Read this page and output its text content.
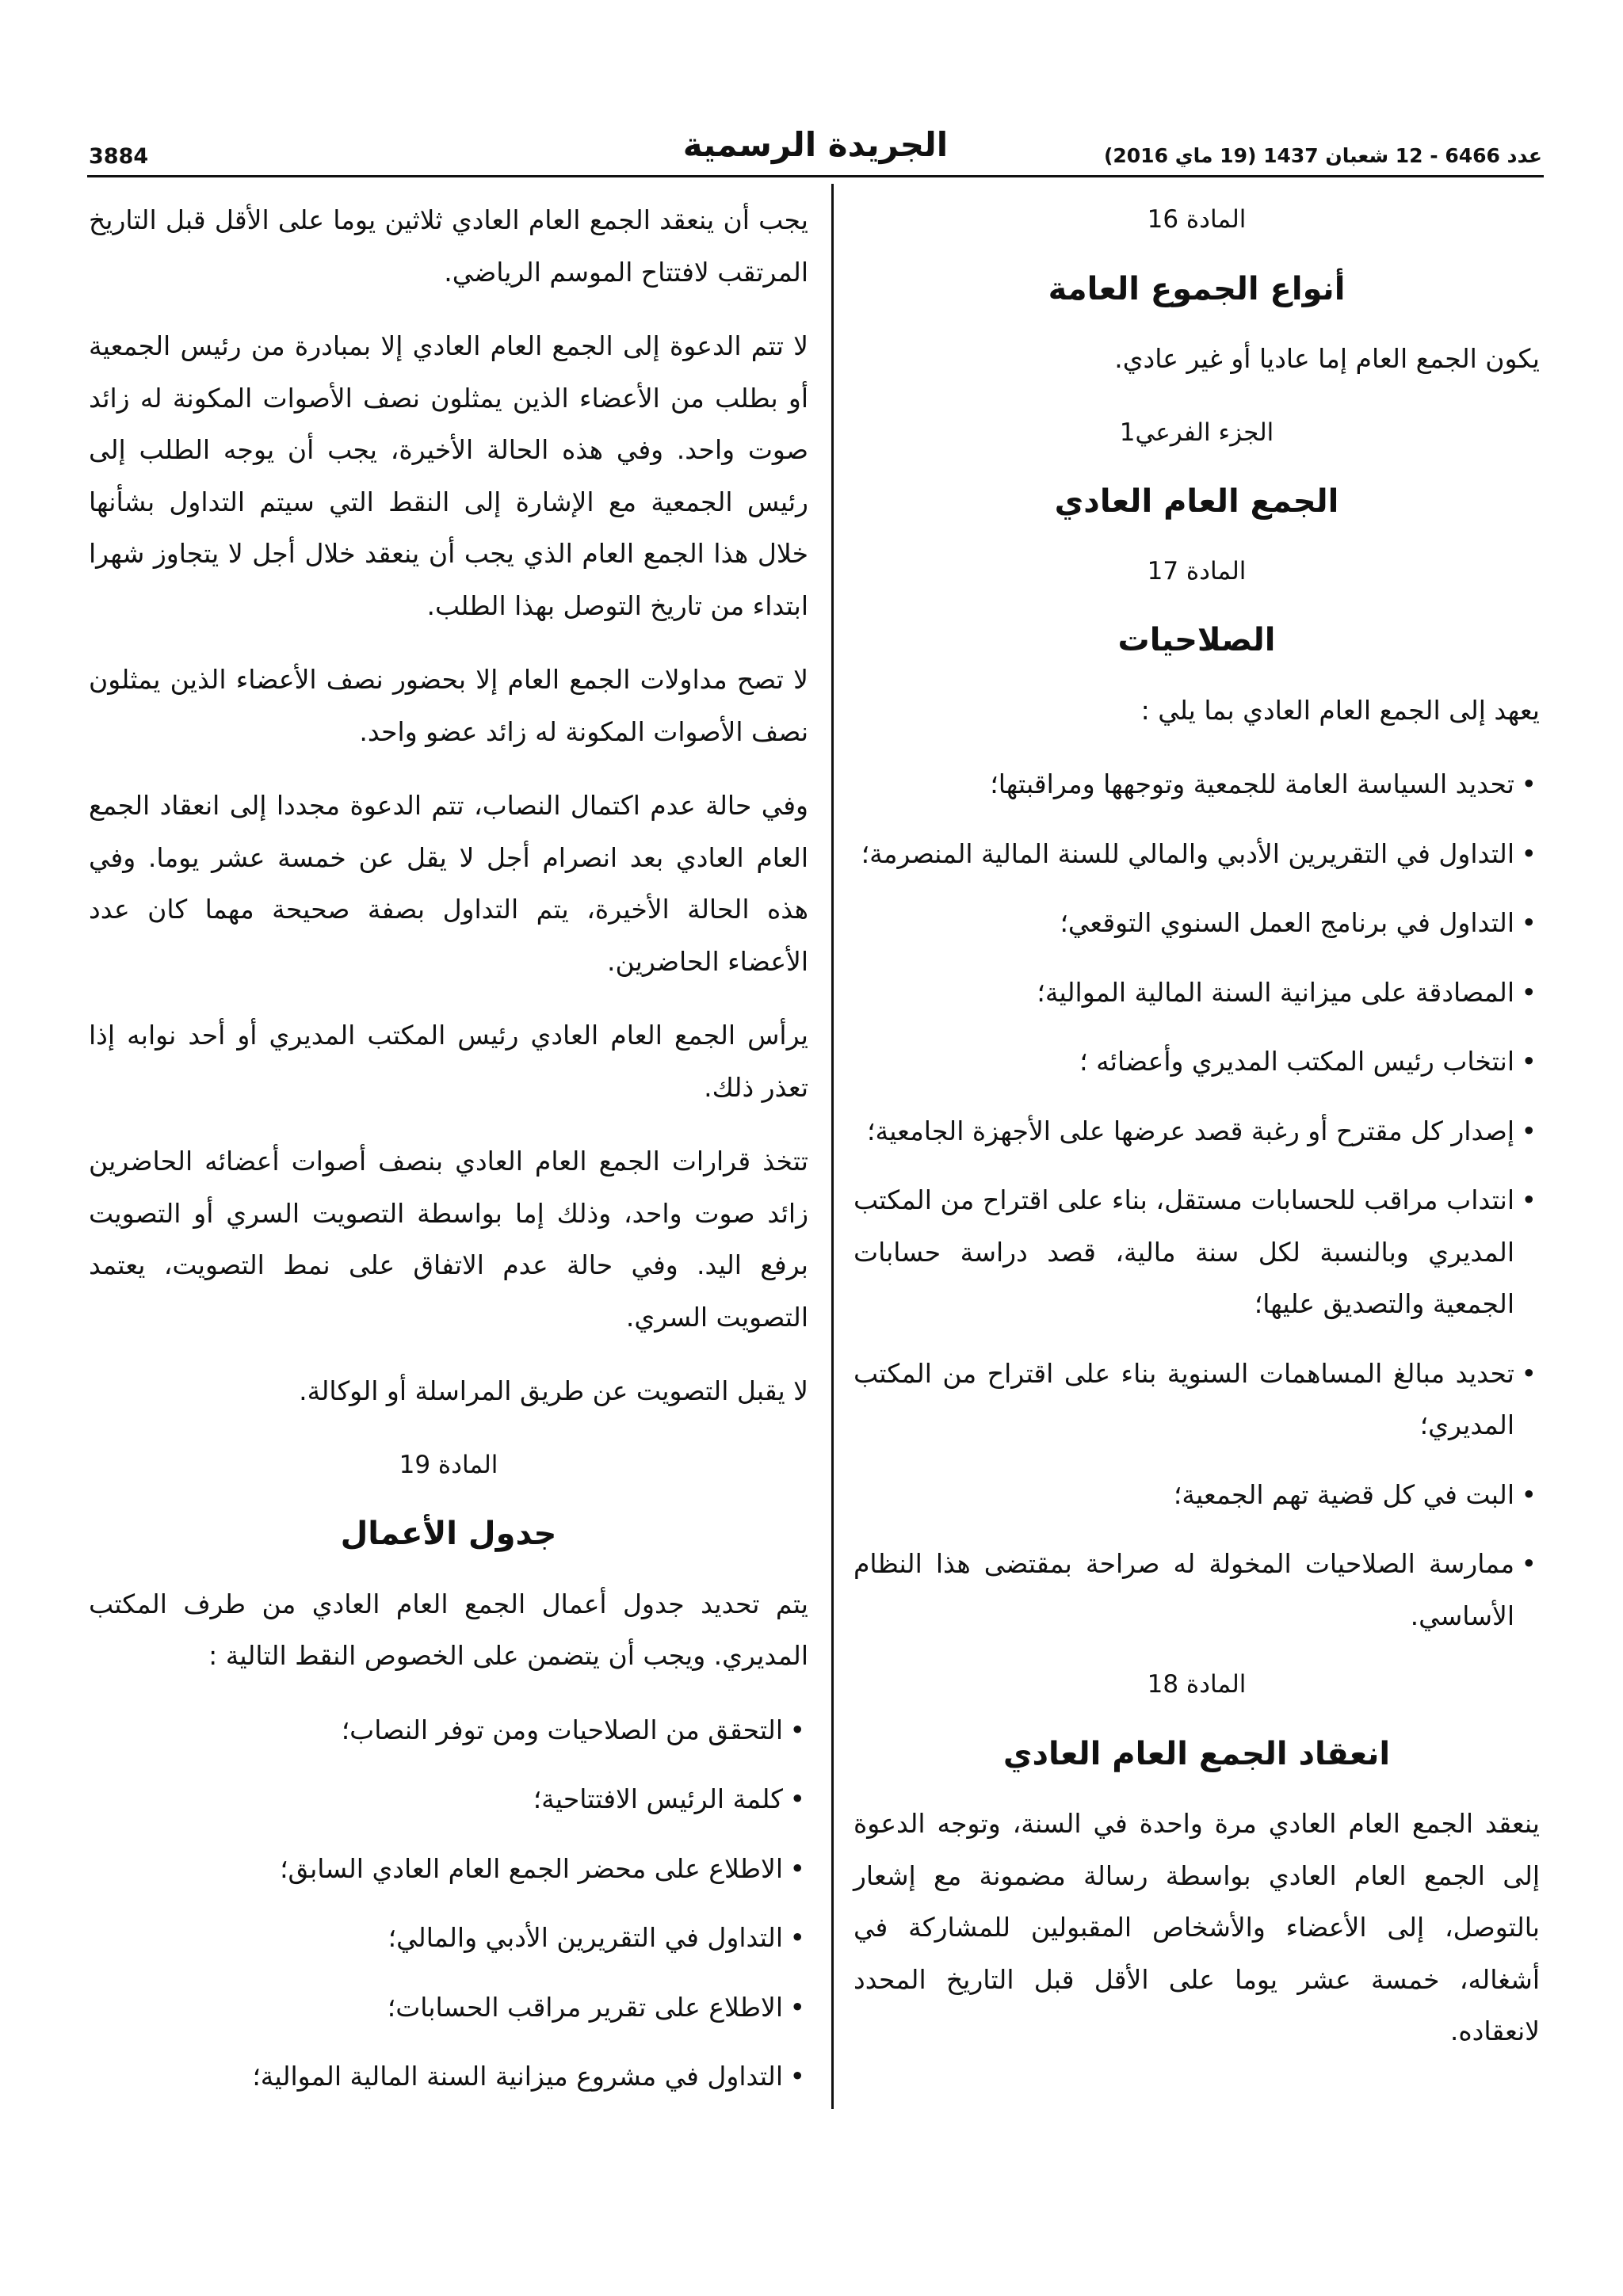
3884	الجريدة الرسمية	عدد 6466 - 12 شعبان 1437 (19 ماي 2016)

المادة 16

أنواع الجموع العامة

يكون الجمع العام إما عاديا أو غير عادي.

الجزء الفرعي1

الجمع العام العادي

المادة 17

الصلاحيات

يعهد إلى الجمع العام العادي بما يلي :

• تحديد السياسة العامة للجمعية وتوجهها ومراقبتها؛
• التداول في التقريرين الأدبي والمالي للسنة المالية المنصرمة؛
• التداول في برنامج العمل السنوي التوقعي؛
• المصادقة على ميزانية السنة المالية الموالية؛
• انتخاب رئيس المكتب المديري وأعضائه ؛
• إصدار كل مقترح أو رغبة قصد عرضها على الأجهزة الجامعية؛
• انتداب مراقب للحسابات مستقل، بناء على اقتراح من المكتب المديري وبالنسبة لكل سنة مالية، قصد دراسة حسابات الجمعية والتصديق عليها؛
• تحديد مبالغ المساهمات السنوية بناء على اقتراح من المكتب المديري؛
• البت في كل قضية تهم الجمعية؛
• ممارسة الصلاحيات المخولة له صراحة بمقتضى هذا النظام الأساسي.

المادة 18

انعقاد الجمع العام العادي

ينعقد الجمع العام العادي مرة واحدة في السنة، وتوجه الدعوة إلى الجمع العام العادي بواسطة رسالة مضمونة مع إشعار بالتوصل، إلى الأعضاء والأشخاص المقبولين للمشاركة في أشغاله، خمسة عشر يوما على الأقل قبل التاريخ المحدد لانعقاده.

يجب أن ينعقد الجمع العام العادي ثلاثين يوما على الأقل قبل التاريخ المرتقب لافتتاح الموسم الرياضي.

لا تتم الدعوة إلى الجمع العام العادي إلا بمبادرة من رئيس الجمعية أو بطلب من الأعضاء الذين يمثلون نصف الأصوات المكونة له زائد صوت واحد. وفي هذه الحالة الأخيرة، يجب أن يوجه الطلب إلى رئيس الجمعية مع الإشارة إلى النقط التي سيتم التداول بشأنها خلال هذا الجمع العام الذي يجب أن ينعقد خلال أجل لا يتجاوز شهرا ابتداء من تاريخ التوصل بهذا الطلب.

لا تصح مداولات الجمع العام إلا بحضور نصف الأعضاء الذين يمثلون نصف الأصوات المكونة له زائد عضو واحد.

وفي حالة عدم اكتمال النصاب، تتم الدعوة مجددا إلى انعقاد الجمع العام العادي بعد انصرام أجل لا يقل عن خمسة عشر يوما. وفي هذه الحالة الأخيرة، يتم التداول بصفة صحيحة مهما كان عدد الأعضاء الحاضرين.

يرأس الجمع العام العادي رئيس المكتب المديري أو أحد نوابه إذا تعذر ذلك.

تتخذ قرارات الجمع العام العادي بنصف أصوات أعضائه الحاضرين زائد صوت واحد، وذلك إما بواسطة التصويت السري أو التصويت برفع اليد. وفي حالة عدم الاتفاق على نمط التصويت، يعتمد التصويت السري.

لا يقبل التصويت عن طريق المراسلة أو الوكالة.

المادة 19

جدول الأعمال

يتم تحديد جدول أعمال الجمع العام العادي من طرف المكتب المديري. ويجب أن يتضمن على الخصوص النقط التالية :

• التحقق من الصلاحيات ومن توفر النصاب؛
• كلمة الرئيس الافتتاحية؛
• الاطلاع على محضر الجمع العام العادي السابق؛
• التداول في التقريرين الأدبي والمالي؛
• الاطلاع على تقرير مراقب الحسابات؛
• التداول في مشروع ميزانية السنة المالية الموالية؛
